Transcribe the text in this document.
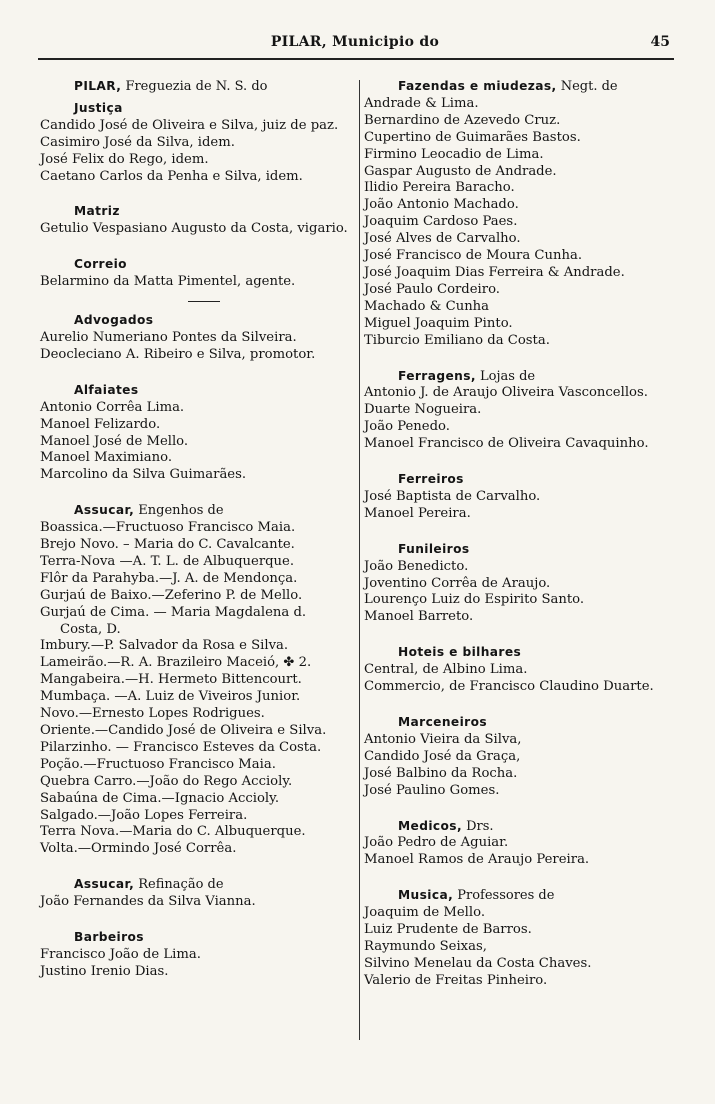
PILAR, Municipio do	45
PILAR, Freguezia de N. S. do
Justiça
Candido José de Oliveira e Silva, juiz de paz.
Casimiro José da Silva, idem.
José Felix do Rego, idem.
Caetano Carlos da Penha e Silva, idem.
Matriz
Getulio Vespasiano Augusto da Costa, vigario.
Correio
Belarmino da Matta Pimentel, agente.
Advogados
Aurelio Numeriano Pontes da Silveira.
Deocleciano A. Ribeiro e Silva, promotor.
Alfaiates
Antonio Corrêa Lima.
Manoel Felizardo.
Manoel José de Mello.
Manoel Maximiano.
Marcolino da Silva Guimarães.
Assucar, Engenhos de
Boassica.—Fructuoso Francisco Maia.
Brejo Novo. – Maria do C. Cavalcante.
Terra-Nova —A. T. L. de Albuquerque.
Flôr da Parahyba.—J. A. de Mendonça.
Gurjaú de Baixo.—Zeferino P. de Mello.
Gurjaú de Cima. — Maria Magdalena d.
Costa, D.
Imbury.—P. Salvador da Rosa e Silva.
Lameirão.—R. A. Brazileiro Maceió, ✤ 2.
Mangabeira.—H. Hermeto Bittencourt.
Mumbaça. —A. Luiz de Viveiros Junior.
Novo.—Ernesto Lopes Rodrigues.
Oriente.—Candido José de Oliveira e Silva.
Pilarzinho. — Francisco Esteves da Costa.
Poção.—Fructuoso Francisco Maia.
Quebra Carro.—João do Rego Accioly.
Sabaúna de Cima.—Ignacio Accioly.
Salgado.—João Lopes Ferreira.
Terra Nova.—Maria do C. Albuquerque.
Volta.—Ormindo José Corrêa.
Assucar, Refinação de
João Fernandes da Silva Vianna.
Barbeiros
Francisco João de Lima.
Justino Irenio Dias.
Fazendas e miudezas, Negt. de
Andrade & Lima.
Bernardino de Azevedo Cruz.
Cupertino de Guimarães Bastos.
Firmino Leocadio de Lima.
Gaspar Augusto de Andrade.
Ilidio Pereira Baracho.
João Antonio Machado.
Joaquim Cardoso Paes.
José Alves de Carvalho.
José Francisco de Moura Cunha.
José Joaquim Dias Ferreira & Andrade.
José Paulo Cordeiro.
Machado & Cunha
Miguel Joaquim Pinto.
Tiburcio Emiliano da Costa.
Ferragens, Lojas de
Antonio J. de Araujo Oliveira Vasconcellos.
Duarte Nogueira.
João Penedo.
Manoel Francisco de Oliveira Cavaquinho.
Ferreiros
José Baptista de Carvalho.
Manoel Pereira.
Funileiros
João Benedicto.
Joventino Corrêa de Araujo.
Lourenço Luiz do Espirito Santo.
Manoel Barreto.
Hoteis e bilhares
Central, de Albino Lima.
Commercio, de Francisco Claudino Duarte.
Marceneiros
Antonio Vieira da Silva,
Candido José da Graça,
José Balbino da Rocha.
José Paulino Gomes.
Medicos, Drs.
João Pedro de Aguiar.
Manoel Ramos de Araujo Pereira.
Musica, Professores de
Joaquim de Mello.
Luiz Prudente de Barros.
Raymundo Seixas,
Silvino Menelau da Costa Chaves.
Valerio de Freitas Pinheiro.
